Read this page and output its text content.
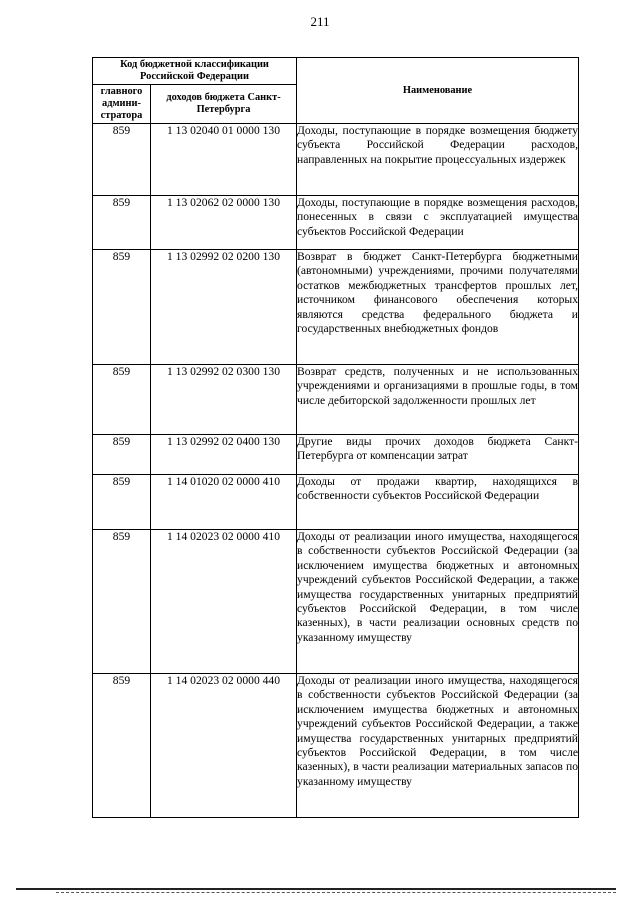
211
Код бюджетной классификации Российской Федерации		Наименование
главного админи-стратора	доходов бюджета Санкт-Петербурга	
859	1 13 02040 01 0000 130	Доходы, поступающие в порядке возмещения бюджету субъекта Российской Федерации расходов, направленных на покрытие процессуальных издержек
859	1 13 02062 02 0000 130	Доходы, поступающие в порядке возмещения расходов, понесенных в связи с эксплуатацией имущества субъектов Российской Федерации
859	1 13 02992 02 0200 130	Возврат в бюджет Санкт-Петербурга бюджетными (автономными) учреждениями, прочими получателями остатков межбюджетных трансфертов прошлых лет, источником финансового обеспечения которых являются средства федерального бюджета и государственных внебюджетных фондов
859	1 13 02992 02 0300 130	Возврат средств, полученных и не использованных учреждениями и организациями в прошлые годы, в том числе дебиторской задолженности прошлых лет
859	1 13 02992 02 0400 130	Другие виды прочих доходов бюджета Санкт-Петербурга от компенсации затрат
859	1 14 01020 02 0000 410	Доходы от продажи квартир, находящихся в собственности субъектов Российской Федерации
859	1 14 02023 02 0000 410	Доходы от реализации иного имущества, находящегося в собственности субъектов Российской Федерации (за исключением имущества бюджетных и автономных учреждений субъектов Российской Федерации, а также имущества государственных унитарных предприятий субъектов Российской Федерации, в том числе казенных), в части реализации основных средств по указанному имуществу
859	1 14 02023 02 0000 440	Доходы от реализации иного имущества, находящегося в собственности субъектов Российской Федерации (за исключением имущества бюджетных и автономных учреждений субъектов Российской Федерации, а также имущества государственных унитарных предприятий субъектов Российской Федерации, в том числе казенных), в части реализации материальных запасов по указанному имуществу
